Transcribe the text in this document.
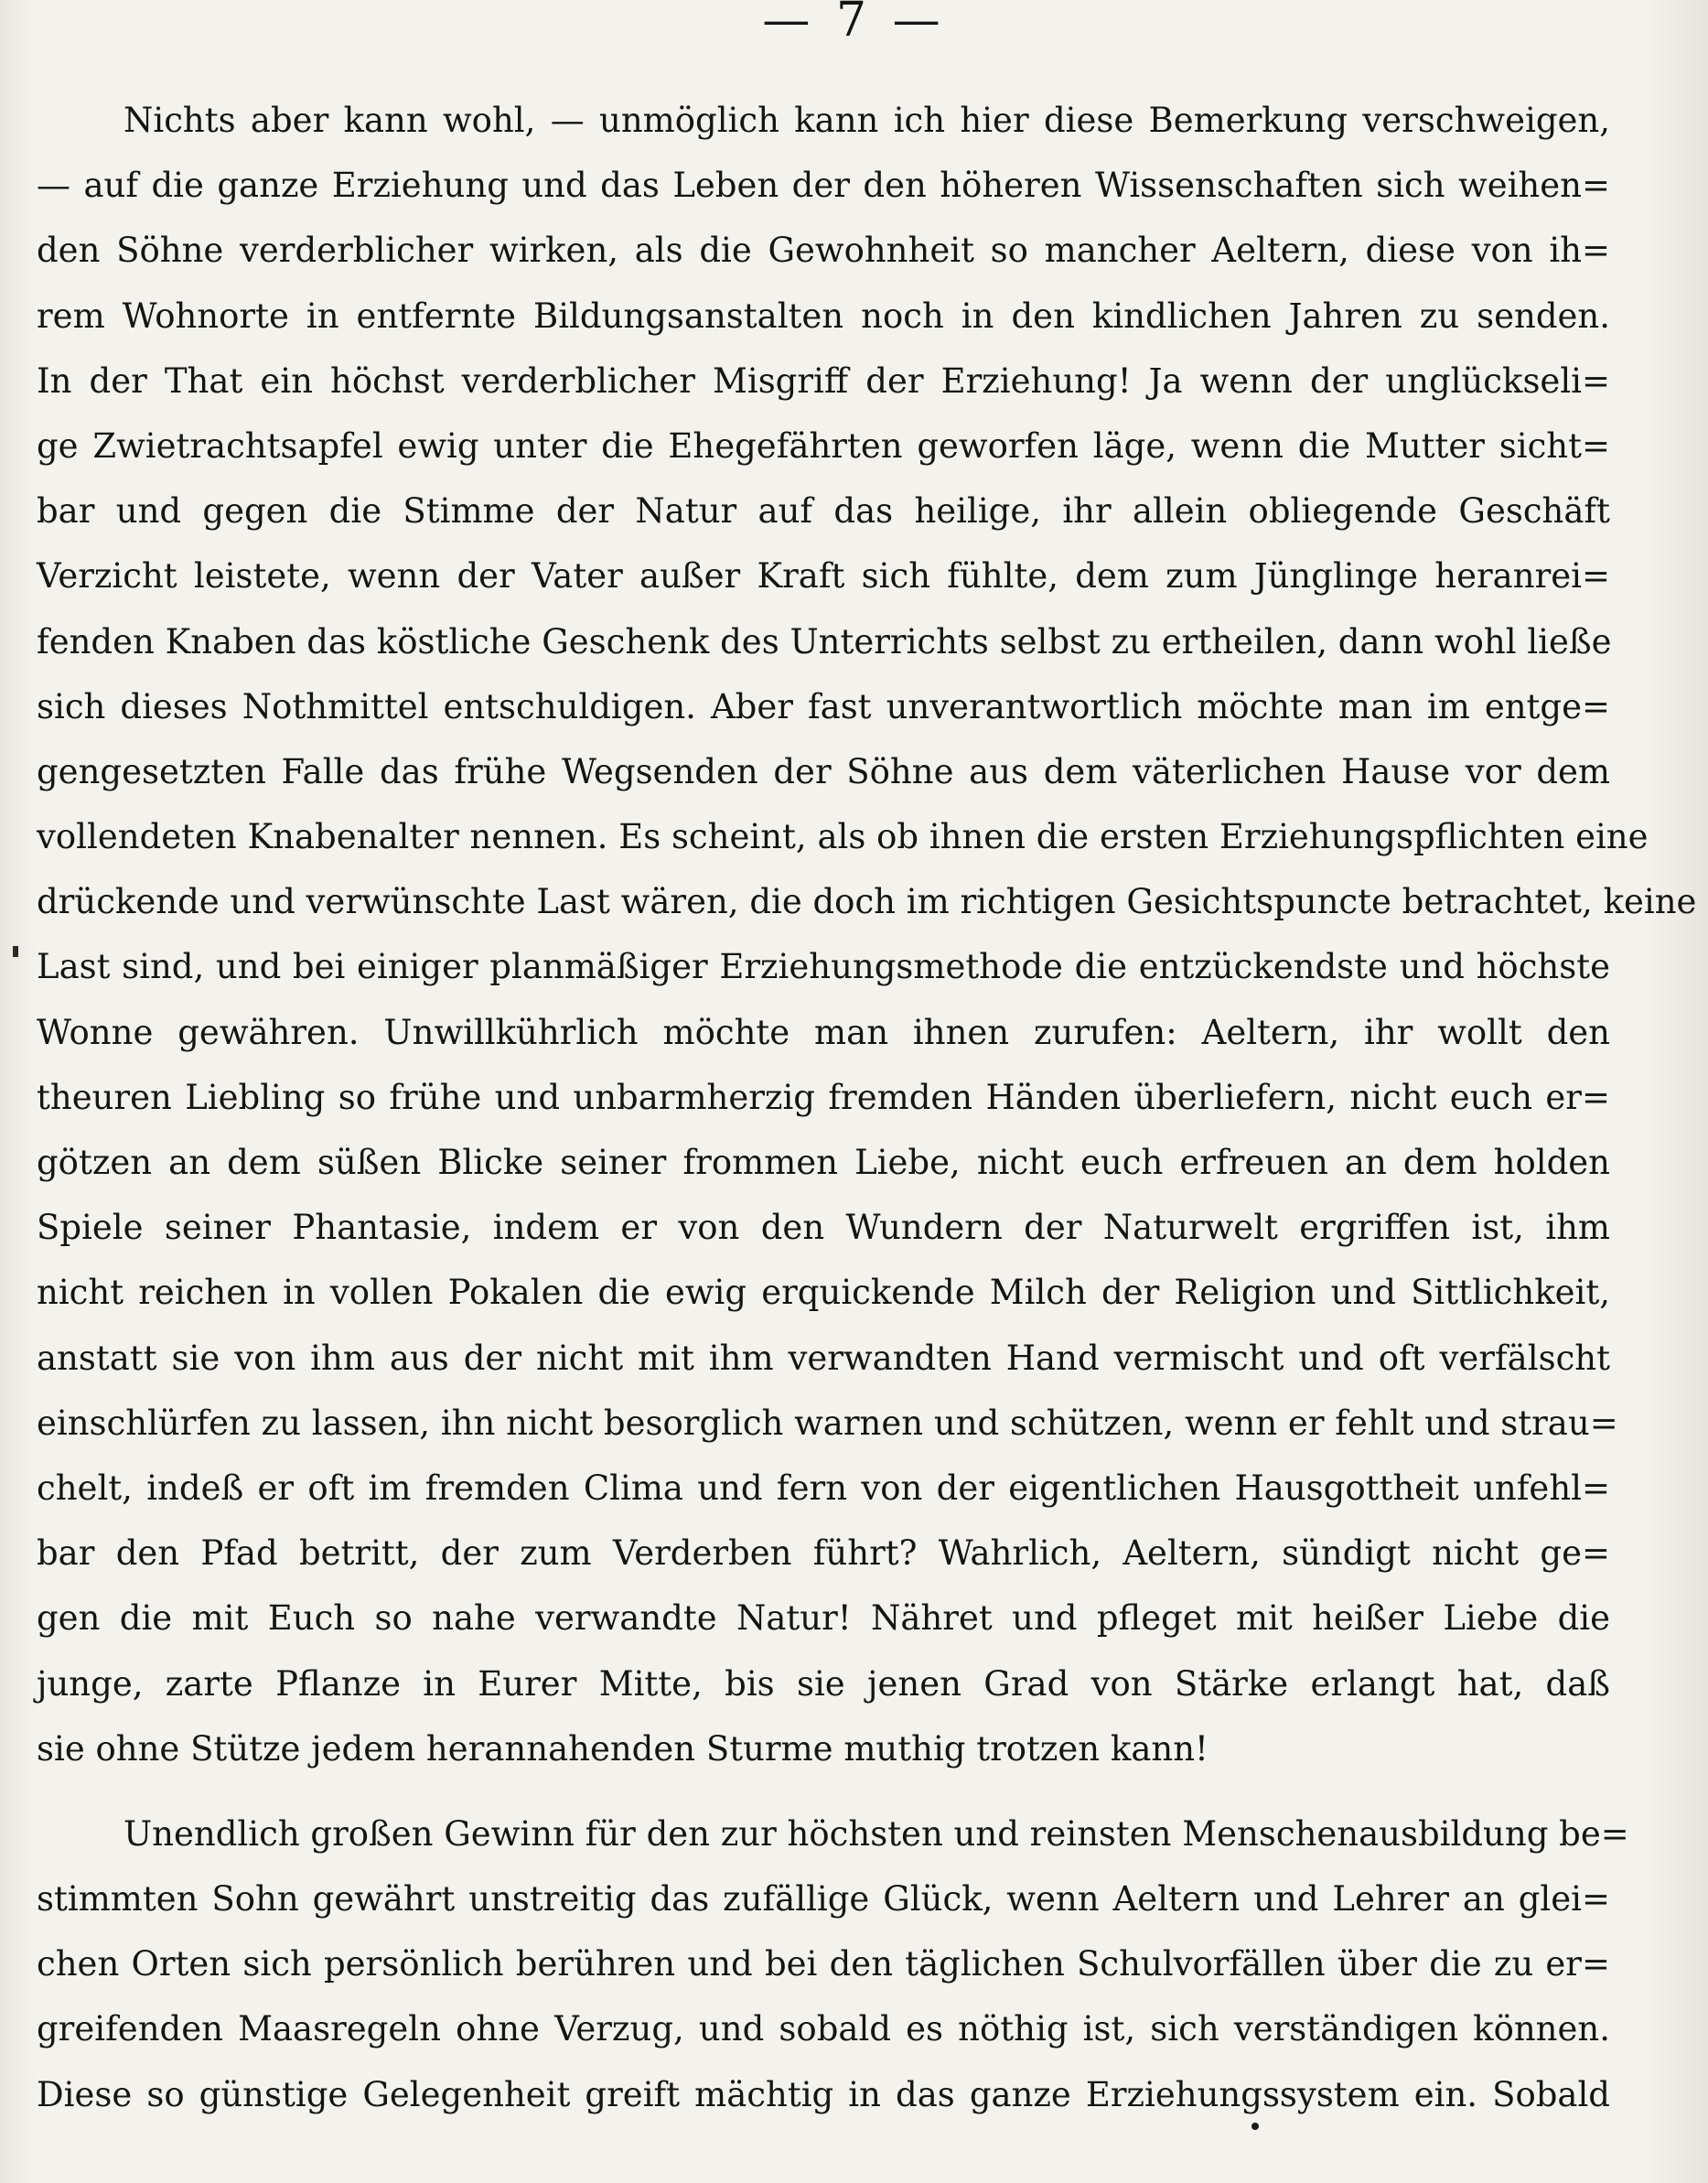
— 7 —
Nichts aber kann wohl, — unmöglich kann ich hier diese Bemerkung verschweigen,
— auf die ganze Erziehung und das Leben der den höheren Wissenschaften sich weihen=
den Söhne verderblicher wirken, als die Gewohnheit so mancher Aeltern, diese von ih=
rem Wohnorte in entfernte Bildungsanstalten noch in den kindlichen Jahren zu senden.
In der That ein höchst verderblicher Misgriff der Erziehung! Ja wenn der unglückseli=
ge Zwietrachtsapfel ewig unter die Ehegefährten geworfen läge, wenn die Mutter sicht=
bar und gegen die Stimme der Natur auf das heilige, ihr allein obliegende Geschäft
Verzicht leistete, wenn der Vater außer Kraft sich fühlte, dem zum Jünglinge heranrei=
fenden Knaben das köstliche Geschenk des Unterrichts selbst zu ertheilen, dann wohl ließe
sich dieses Nothmittel entschuldigen. Aber fast unverantwortlich möchte man im entge=
gengesetzten Falle das frühe Wegsenden der Söhne aus dem väterlichen Hause vor dem
vollendeten Knabenalter nennen. Es scheint, als ob ihnen die ersten Erziehungspflichten eine
drückende und verwünschte Last wären, die doch im richtigen Gesichtspuncte betrachtet, keine
Last sind, und bei einiger planmäßiger Erziehungsmethode die entzückendste und höchste
Wonne gewähren. Unwillkührlich möchte man ihnen zurufen: Aeltern, ihr wollt den
theuren Liebling so frühe und unbarmherzig fremden Händen überliefern, nicht euch er=
götzen an dem süßen Blicke seiner frommen Liebe, nicht euch erfreuen an dem holden
Spiele seiner Phantasie, indem er von den Wundern der Naturwelt ergriffen ist, ihm
nicht reichen in vollen Pokalen die ewig erquickende Milch der Religion und Sittlichkeit,
anstatt sie von ihm aus der nicht mit ihm verwandten Hand vermischt und oft verfälscht
einschlürfen zu lassen, ihn nicht besorglich warnen und schützen, wenn er fehlt und strau=
chelt, indeß er oft im fremden Clima und fern von der eigentlichen Hausgottheit unfehl=
bar den Pfad betritt, der zum Verderben führt? Wahrlich, Aeltern, sündigt nicht ge=
gen die mit Euch so nahe verwandte Natur! Nähret und pfleget mit heißer Liebe die
junge, zarte Pflanze in Eurer Mitte, bis sie jenen Grad von Stärke erlangt hat, daß
sie ohne Stütze jedem herannahenden Sturme muthig trotzen kann!
Unendlich großen Gewinn für den zur höchsten und reinsten Menschenausbildung be=
stimmten Sohn gewährt unstreitig das zufällige Glück, wenn Aeltern und Lehrer an glei=
chen Orten sich persönlich berühren und bei den täglichen Schulvorfällen über die zu er=
greifenden Maasregeln ohne Verzug, und sobald es nöthig ist, sich verständigen können.
Diese so günstige Gelegenheit greift mächtig in das ganze Erziehungssystem ein. Sobald
